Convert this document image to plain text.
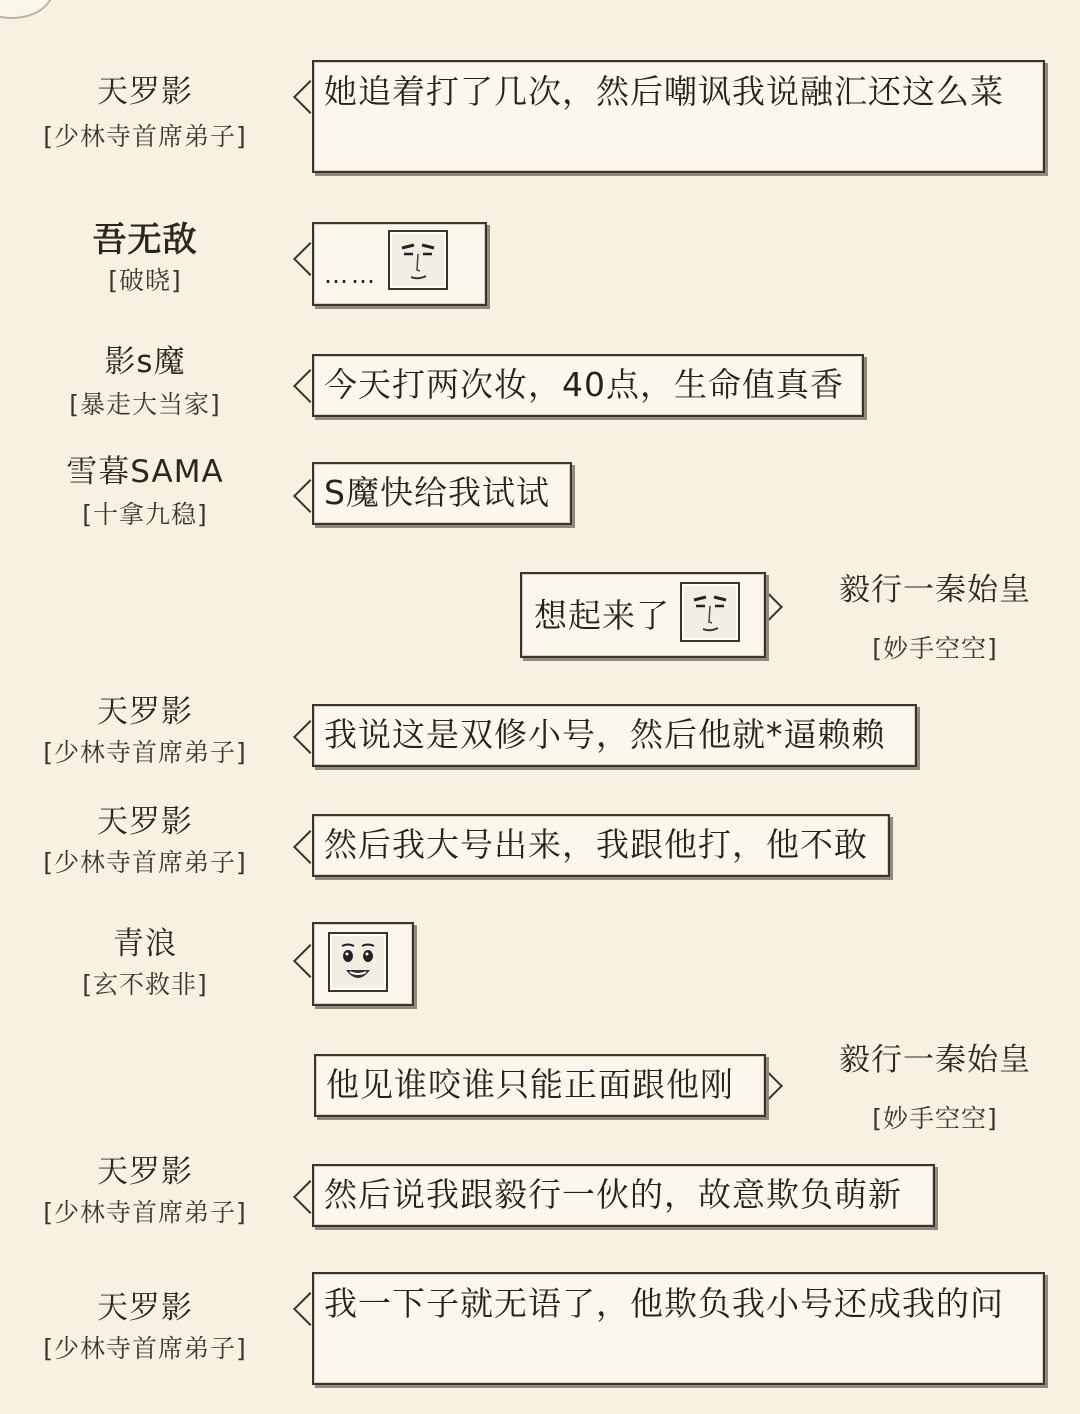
天罗影
[少林寺首席弟子]
她追着打了几次，然后嘲讽我说融汇还这么菜
吾无敌
[破晓]	……
影s魔
[暴走大当家]
今天打两次妆，40点，生命值真香
雪暮SAMA
[十拿九稳]
S魔快给我试试
毅行一秦始皇
[妙手空空]
想起来了
天罗影
[少林寺首席弟子]	我说这是双修小号，然后他就*逼赖赖
天罗影
[少林寺首席弟子]	然后我大号出来，我跟他打，他不敢
青浪
[玄不救非]
毅行一秦始皇
[妙手空空]
他见谁咬谁只能正面跟他刚
天罗影
[少林寺首席弟子]	然后说我跟毅行一伙的，故意欺负萌新
天罗影
[少林寺首席弟子]
我一下子就无语了，他欺负我小号还成我的问
